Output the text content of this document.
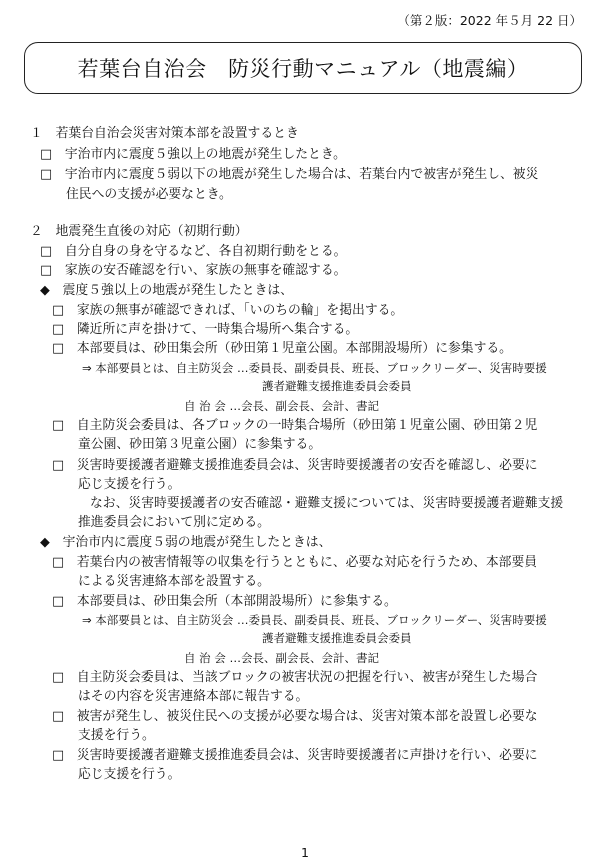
（第２版：2022 年５月 22 日）
若葉台自治会　防災行動マニュアル（地震編）
１　若葉台自治会災害対策本部を設置するとき
□　宇治市内に震度５強以上の地震が発生したとき。
□　宇治市内に震度５弱以下の地震が発生した場合は、若葉台内で被害が発生し、被災
住民への支援が必要なとき。
２　地震発生直後の対応（初期行動）
□　自分自身の身を守るなど、各自初期行動をとる。
□　家族の安否確認を行い、家族の無事を確認する。
◆　震度５強以上の地震が発生したときは、
□　家族の無事が確認できれば、「いのちの輪」を掲出する。
□　隣近所に声を掛けて、一時集合場所へ集合する。
□　本部要員は、砂田集会所（砂田第１児童公園。本部開設場所）に参集する。
⇒ 本部要員とは、自主防災会 …委員長、副委員長、班長、ブロックリーダー、災害時要援
護者避難支援推進委員会委員
自 治 会 …会長、副会長、会計、書記
□　自主防災会委員は、各ブロックの一時集合場所（砂田第１児童公園、砂田第２児
童公園、砂田第３児童公園）に参集する。
□　災害時要援護者避難支援推進委員会は、災害時要援護者の安否を確認し、必要に
応じ支援を行う。
なお、災害時要援護者の安否確認・避難支援については、災害時要援護者避難支援
推進委員会において別に定める。
◆　宇治市内に震度５弱の地震が発生したときは、
□　若葉台内の被害情報等の収集を行うとともに、必要な対応を行うため、本部要員
による災害連絡本部を設置する。
□　本部要員は、砂田集会所（本部開設場所）に参集する。
⇒ 本部要員とは、自主防災会 …委員長、副委員長、班長、ブロックリーダー、災害時要援
護者避難支援推進委員会委員
自 治 会 …会長、副会長、会計、書記
□　自主防災会委員は、当該ブロックの被害状況の把握を行い、被害が発生した場合
はその内容を災害連絡本部に報告する。
□　被害が発生し、被災住民への支援が必要な場合は、災害対策本部を設置し必要な
支援を行う。
□　災害時要援護者避難支援推進委員会は、災害時要援護者に声掛けを行い、必要に
応じ支援を行う。
1
